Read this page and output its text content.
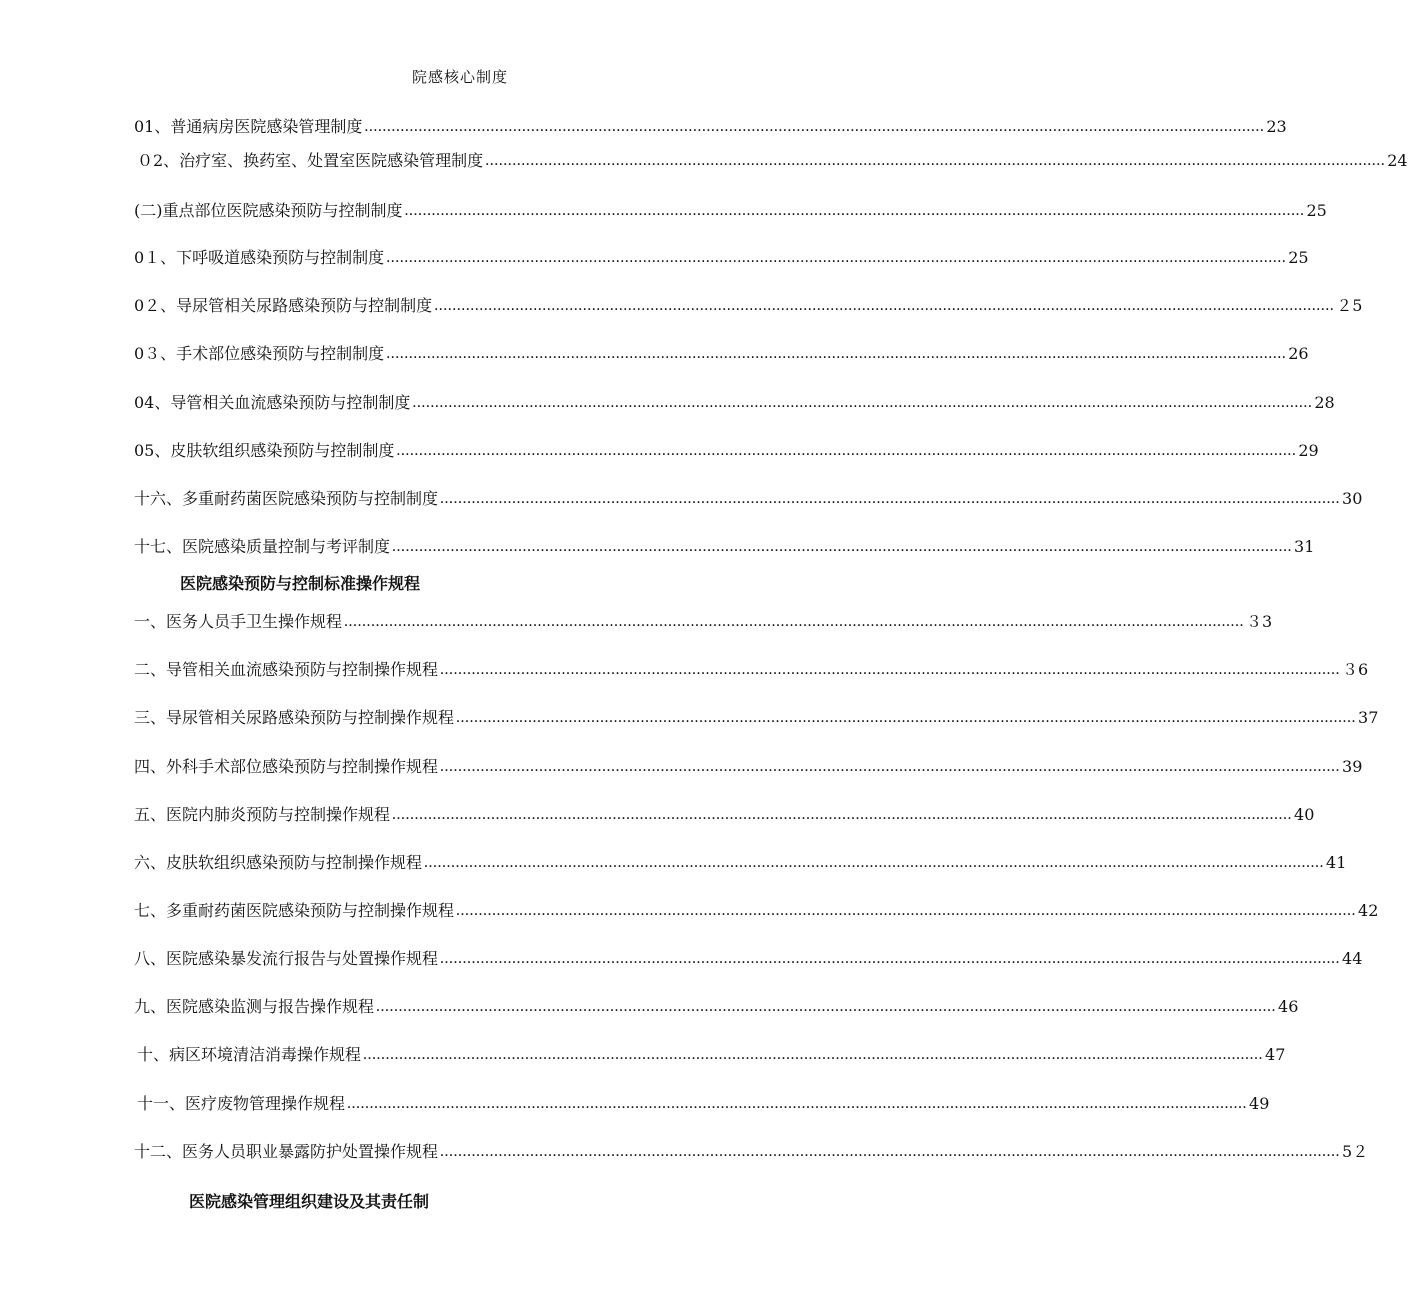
院感核心制度
01、普通病房医院感染管理制度 ........................................................................................................................................................................................................ 23
０2、治疗室、换药室、处置室医院感染管理制度 ........................................................................................................................................................................................................ 24
(二)重点部位医院感染预防与控制制度 ........................................................................................................................................................................................................ 25
0１、下呼吸道感染预防与控制制度 ........................................................................................................................................................................................................ 25
0２、导尿管相关尿路感染预防与控制制度 ........................................................................................................................................................................................................ ２5
0３、手术部位感染预防与控制制度 ........................................................................................................................................................................................................ 26
04、导管相关血流感染预防与控制制度 ........................................................................................................................................................................................................ 28
05、皮肤软组织感染预防与控制制度 ........................................................................................................................................................................................................ 29
十六、多重耐药菌医院感染预防与控制制度 ........................................................................................................................................................................................................ 30
十七、医院感染质量控制与考评制度 ........................................................................................................................................................................................................ 31
医院感染预防与控制标准操作规程
一、医务人员手卫生操作规程 ........................................................................................................................................................................................................ ３3
二、导管相关血流感染预防与控制操作规程 ........................................................................................................................................................................................................ ３6
三、导尿管相关尿路感染预防与控制操作规程 ........................................................................................................................................................................................................ 37
四、外科手术部位感染预防与控制操作规程 ........................................................................................................................................................................................................ 39
五、医院内肺炎预防与控制操作规程 ........................................................................................................................................................................................................ 40
六、皮肤软组织感染预防与控制操作规程 ........................................................................................................................................................................................................ 41
七、多重耐药菌医院感染预防与控制操作规程 ........................................................................................................................................................................................................ 42
八、医院感染暴发流行报告与处置操作规程 ........................................................................................................................................................................................................ 44
九、医院感染监测与报告操作规程 ........................................................................................................................................................................................................ 46
十、病区环境清洁消毒操作规程 ........................................................................................................................................................................................................ 47
十一、医疗废物管理操作规程 ........................................................................................................................................................................................................ 49
十二、医务人员职业暴露防护处置操作规程 ........................................................................................................................................................................................................ 5２
医院感染管理组织建设及其责任制
